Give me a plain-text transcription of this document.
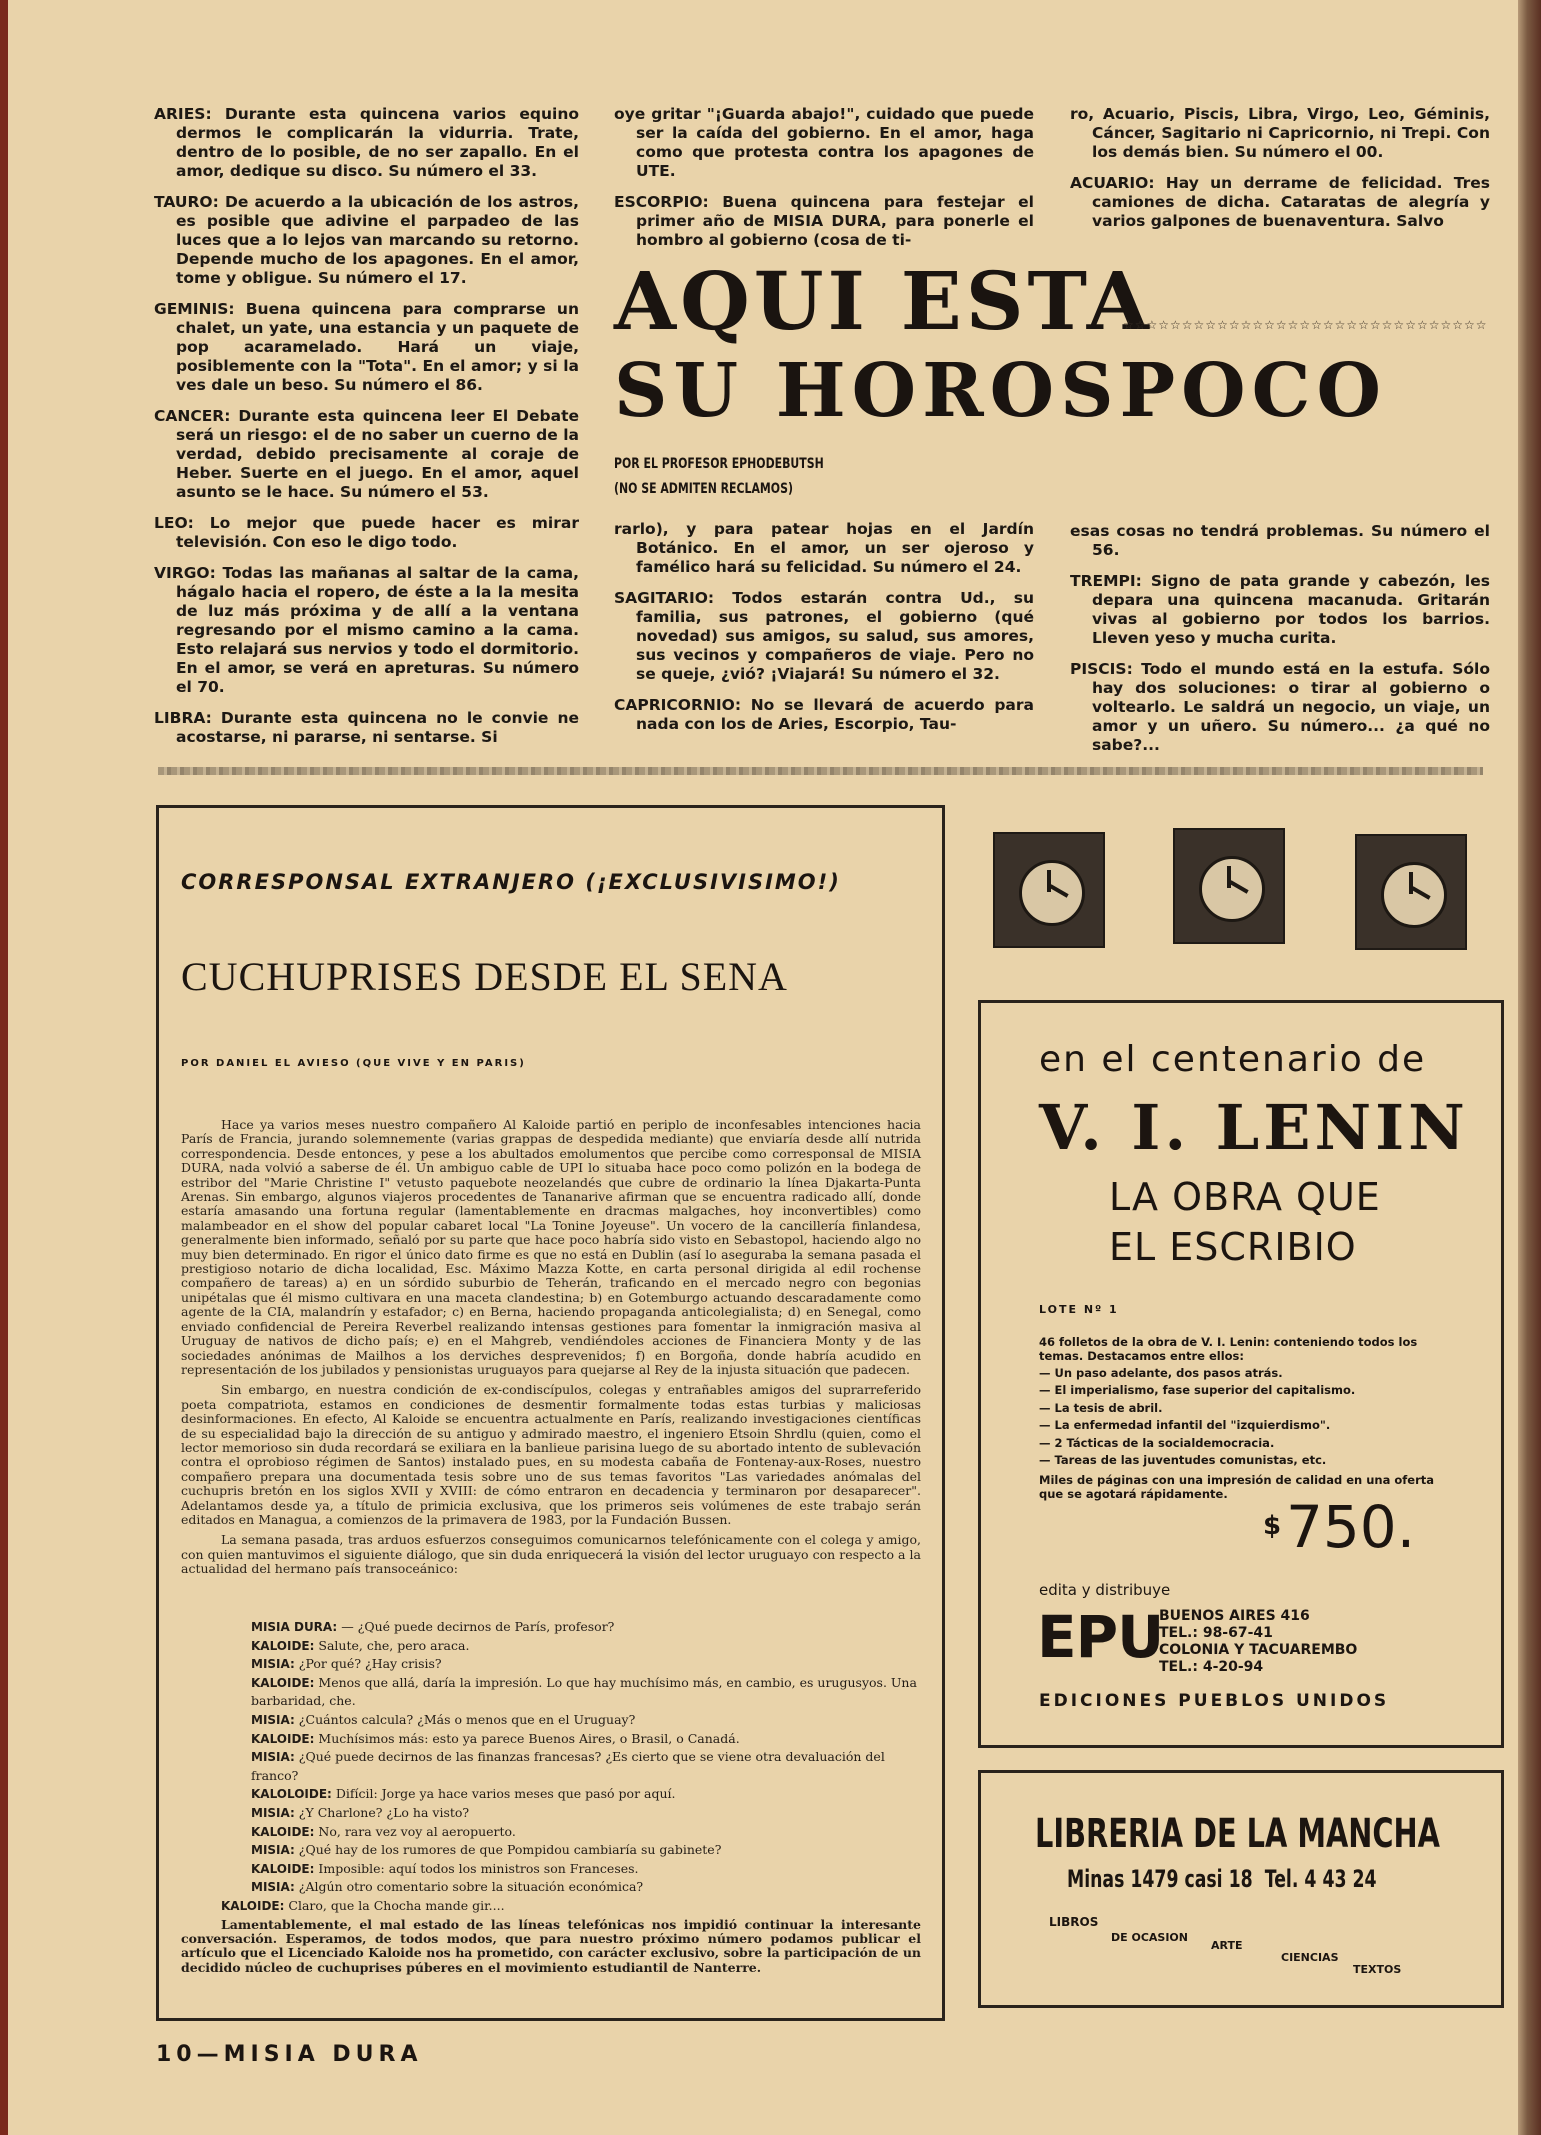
ARIES: Durante esta quincena varios equino dermos le complicarán la vidurria. Trate, dentro de lo posible, de no ser zapallo. En el amor, dedique su disco. Su número el 33.

TAURO: De acuerdo a la ubicación de los astros, es posible que adivine el parpadeo de las luces que a lo lejos van marcando su retorno. Depende mucho de los apagones. En el amor, tome y obligue. Su número el 17.

GEMINIS: Buena quincena para comprarse un chalet, un yate, una estancia y un paquete de pop acaramelado. Hará un viaje, posiblemente con la "Tota". En el amor; y si la ves dale un beso. Su número el 86.

CANCER: Durante esta quincena leer El Debate será un riesgo: el de no saber un cuerno de la verdad, debido precisamente al coraje de Heber. Suerte en el juego. En el amor, aquel asunto se le hace. Su número el 53.

LEO: Lo mejor que puede hacer es mirar televisión. Con eso le digo todo.

VIRGO: Todas las mañanas al saltar de la cama, hágalo hacia el ropero, de éste a la la mesita de luz más próxima y de allí a la ventana regresando por el mismo camino a la cama. Esto relajará sus nervios y todo el dormitorio. En el amor, se verá en apreturas. Su número el 70.

LIBRA: Durante esta quincena no le convie ne acostarse, ni pararse, ni sentarse. Si

oye gritar "¡Guarda abajo!", cuidado que puede ser la caída del gobierno. En el amor, haga como que protesta contra los apagones de UTE.

ESCORPIO: Buena quincena para festejar el primer año de MISIA DURA, para ponerle el hombro al gobierno (cosa de ti-

ro, Acuario, Piscis, Libra, Virgo, Leo, Géminis, Cáncer, Sagitario ni Capricornio, ni Trepi. Con los demás bien. Su número el 00.

ACUARIO: Hay un derrame de felicidad. Tres camiones de dicha. Cataratas de alegría y varios galpones de buenaventura. Salvo

AQUI ESTA
☆☆☆☆☆☆☆☆☆☆☆☆☆☆☆☆☆☆☆☆☆☆☆☆☆☆☆☆☆☆☆
SU HOROSPOCO
POR EL PROFESOR EPHODEBUTSH
(NO SE ADMITEN RECLAMOS)

rarlo), y para patear hojas en el Jardín Botánico. En el amor, un ser ojeroso y famélico hará su felicidad. Su número el 24.

SAGITARIO: Todos estarán contra Ud., su familia, sus patrones, el gobierno (qué novedad) sus amigos, su salud, sus amores, sus vecinos y compañeros de viaje. Pero no se queje, ¿vió? ¡Viajará! Su número el 32.

CAPRICORNIO: No se llevará de acuerdo para nada con los de Aries, Escorpio, Tau-

esas cosas no tendrá problemas. Su número el 56.

TREMPI: Signo de pata grande y cabezón, les depara una quincena macanuda. Gritarán vivas al gobierno por todos los barrios. Lleven yeso y mucha curita.

PISCIS: Todo el mundo está en la estufa. Sólo hay dos soluciones: o tirar al gobierno o voltearlo. Le saldrá un negocio, un viaje, un amor y un uñero. Su número... ¿a qué no sabe?...

CORRESPONSAL EXTRANJERO (¡EXCLUSIVISIMO!)
CUCHUPRISES DESDE EL SENA
POR DANIEL EL AVIESO (QUE VIVE Y EN PARIS)

Hace ya varios meses nuestro compañero Al Kaloide partió en periplo de inconfesables intenciones hacia París de Francia, jurando solemnemente (varias grappas de despedida mediante) que enviaría desde allí nutrida correspondencia. Desde entonces, y pese a los abultados emolumentos que percibe como corresponsal de MISIA DURA, nada volvió a saberse de él. Un ambiguo cable de UPI lo situaba hace poco como polizón en la bodega de estribor del "Marie Christine I" vetusto paquebote neozelandés que cubre de ordinario la línea Djakarta-Punta Arenas. Sin embargo, algunos viajeros procedentes de Tananarive afirman que se encuentra radicado allí, donde estaría amasando una fortuna regular (lamentablemente en dracmas malgaches, hoy inconvertibles) como malambeador en el show del popular cabaret local "La Tonine Joyeuse". Un vocero de la cancillería finlandesa, generalmente bien informado, señaló por su parte que hace poco habría sido visto en Sebastopol, haciendo algo no muy bien determinado. En rigor el único dato firme es que no está en Dublin (así lo aseguraba la semana pasada el prestigioso notario de dicha localidad, Esc. Máximo Mazza Kotte, en carta personal dirigida al edil rochense compañero de tareas) a) en un sórdido suburbio de Teherán, traficando en el mercado negro con begonias unipétalas que él mismo cultivara en una maceta clandestina; b) en Gotemburgo actuando descaradamente como agente de la CIA, malandrín y estafador; c) en Berna, haciendo propaganda anticolegialista; d) en Senegal, como enviado confidencial de Pereira Reverbel realizando intensas gestiones para fomentar la inmigración masiva al Uruguay de nativos de dicho país; e) en el Mahgreb, vendiéndoles acciones de Financiera Monty y de las sociedades anónimas de Mailhos a los derviches desprevenidos; f) en Borgoña, donde habría acudido en representación de los jubilados y pensionistas uruguayos para quejarse al Rey de la injusta situación que padecen.

Sin embargo, en nuestra condición de ex-condiscípulos, colegas y entrañables amigos del suprarreferido poeta compatriota, estamos en condiciones de desmentir formalmente todas estas turbias y maliciosas desinformaciones. En efecto, Al Kaloide se encuentra actualmente en París, realizando investigaciones científicas de su especialidad bajo la dirección de su antiguo y admirado maestro, el ingeniero Etsoin Shrdlu (quien, como el lector memorioso sin duda recordará se exiliara en la banlieue parisina luego de su abortado intento de sublevación contra el oprobioso régimen de Santos) instalado pues, en su modesta cabaña de Fontenay-aux-Roses, nuestro compañero prepara una documentada tesis sobre uno de sus temas favoritos "Las variedades anómalas del cuchupris bretón en los siglos XVII y XVIII: de cómo entraron en decadencia y terminaron por desaparecer". Adelantamos desde ya, a título de primicia exclusiva, que los primeros seis volúmenes de este trabajo serán editados en Managua, a comienzos de la primavera de 1983, por la Fundación Bussen.

La semana pasada, tras arduos esfuerzos conseguimos comunicarnos telefónicamente con el colega y amigo, con quien mantuvimos el siguiente diálogo, que sin duda enriquecerá la visión del lector uruguayo con respecto a la actualidad del hermano país transoceánico:

MISIA DURA: — ¿Qué puede decirnos de París, profesor?
KALOIDE: Salute, che, pero araca.
MISIA: ¿Por qué? ¿Hay crisis?
KALOIDE: Menos que allá, daría la impresión. Lo que hay muchísimo más, en cambio, es urugusyos. Una barbaridad, che.
MISIA: ¿Cuántos calcula? ¿Más o menos que en el Uruguay?
KALOIDE: Muchísimos más: esto ya parece Buenos Aires, o Brasil, o Canadá.
MISIA: ¿Qué puede decirnos de las finanzas francesas? ¿Es cierto que se viene otra devaluación del franco?
KALOLOIDE: Difícil: Jorge ya hace varios meses que pasó por aquí.
MISIA: ¿Y Charlone? ¿Lo ha visto?
KALOIDE: No, rara vez voy al aeropuerto.
MISIA: ¿Qué hay de los rumores de que Pompidou cambiaría su gabinete?
KALOIDE: Imposible: aquí todos los ministros son Franceses.
MISIA: ¿Algún otro comentario sobre la situación económica?
KALOIDE: Claro, que la Chocha mande gir....

Lamentablemente, el mal estado de las líneas telefónicas nos impidió continuar la interesante conversación. Esperamos, de todos modos, que para nuestro próximo número podamos publicar el artículo que el Licenciado Kaloide nos ha prometido, con carácter exclusivo, sobre la participación de un decidido núcleo de cuchuprises púberes en el movimiento estudiantil de Nanterre.

en el centenario de
V. I. LENIN
LA OBRA QUE
EL ESCRIBIO
LOTE Nº 1
46 folletos de la obra de V. I. Lenin: conteniendo todos los temas. Destacamos entre ellos:
— Un paso adelante, dos pasos atrás.
— El imperialismo, fase superior del capitalismo.
— La tesis de abril.
— La enfermedad infantil del "izquierdismo".
— 2 Tácticas de la socialdemocracia.
— Tareas de las juventudes comunistas, etc.
Miles de páginas con una impresión de calidad en una oferta que se agotará rápidamente.
$ 750.
edita y distribuye
EPU
BUENOS AIRES 416
TEL.: 98-67-41
COLONIA Y TACUAREMBO
TEL.: 4-20-94
EDICIONES PUEBLOS UNIDOS
LIBRERIA DE LA MANCHA
Minas 1479 casi 18  Tel. 4 43 24
LIBROS
DE OCASION
ARTE
CIENCIAS
TEXTOS
10—MISIA DURA
